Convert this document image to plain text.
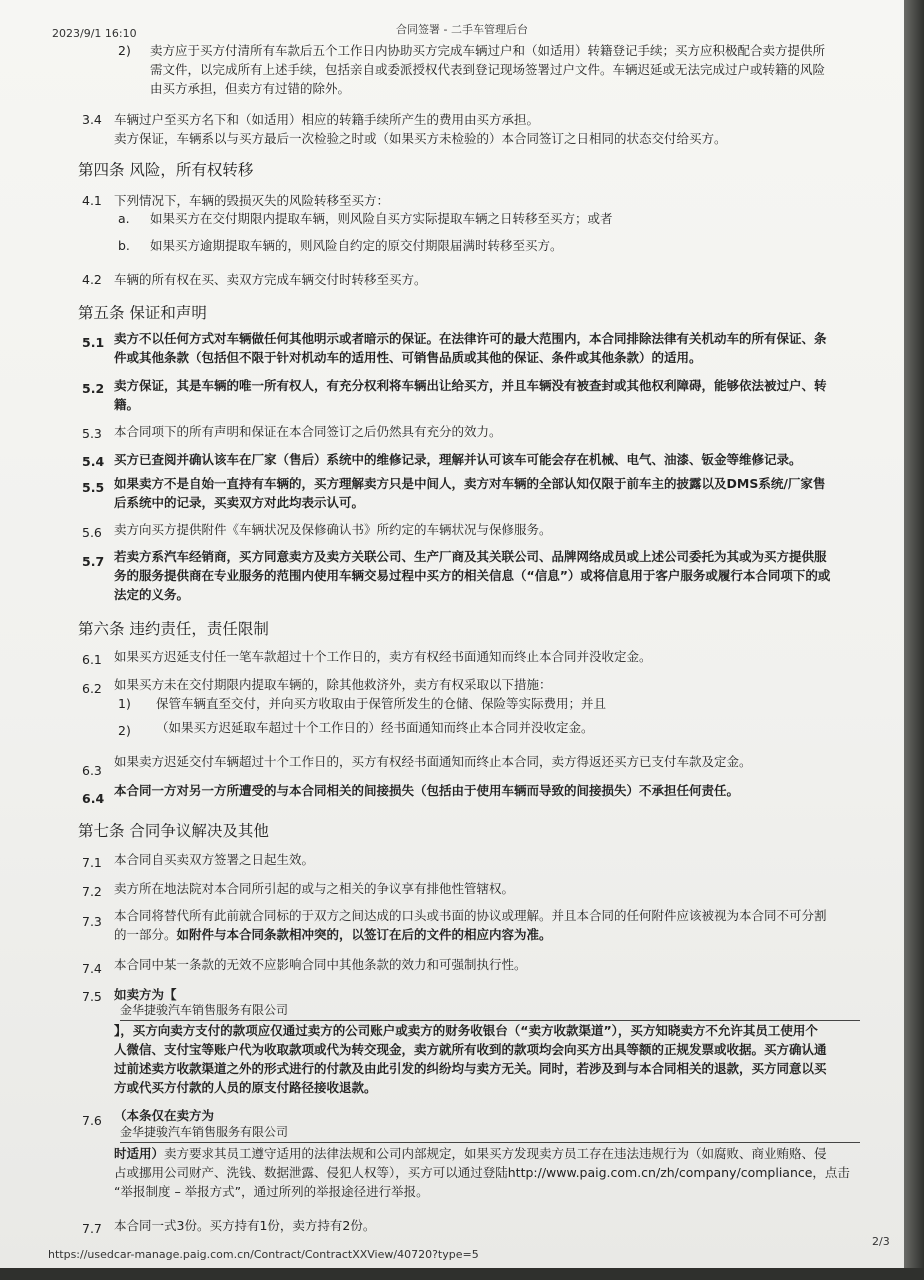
2023/9/1 16:10	合同签署 - 二手车管理后台
2) 卖方应于买方付清所有车款后五个工作日内协助买方完成车辆过户和（如适用）转籍登记手续；买方应积极配合卖方提供所
需文件，以完成所有上述手续，包括亲自或委派授权代表到登记现场签署过户文件。车辆迟延或无法完成过户或转籍的风险
由买方承担，但卖方有过错的除外。
3.4 车辆过户至买方名下和（如适用）相应的转籍手续所产生的费用由买方承担。
卖方保证，车辆系以与买方最后一次检验之时或（如果买方未检验的）本合同签订之日相同的状态交付给买方。
第四条 风险，所有权转移
4.1 下列情况下，车辆的毁损灭失的风险转移至买方：
a. 如果买方在交付期限内提取车辆，则风险自买方实际提取车辆之日转移至买方；或者
b. 如果买方逾期提取车辆的，则风险自约定的原交付期限届满时转移至买方。
4.2 车辆的所有权在买、卖双方完成车辆交付时转移至买方。
第五条 保证和声明
5.1 卖方不以任何方式对车辆做任何其他明示或者暗示的保证。在法律许可的最大范围内，本合同排除法律有关机动车的所有保证、条
件或其他条款（包括但不限于针对机动车的适用性、可销售品质或其他的保证、条件或其他条款）的适用。
5.2 卖方保证，其是车辆的唯一所有权人，有充分权利将车辆出让给买方，并且车辆没有被查封或其他权利障碍，能够依法被过户、转
籍。
5.3 本合同项下的所有声明和保证在本合同签订之后仍然具有充分的效力。
5.4 买方已查阅并确认该车在厂家（售后）系统中的维修记录，理解并认可该车可能会存在机械、电气、油漆、钣金等维修记录。
5.5 如果卖方不是自始一直持有车辆的，买方理解卖方只是中间人，卖方对车辆的全部认知仅限于前车主的披露以及DMS系统/厂家售
后系统中的记录，买卖双方对此均表示认可。
5.6 卖方向买方提供附件《车辆状况及保修确认书》所约定的车辆状况与保修服务。
5.7 若卖方系汽车经销商，买方同意卖方及卖方关联公司、生产厂商及其关联公司、品牌网络成员或上述公司委托为其或为买方提供服
务的服务提供商在专业服务的范围内使用车辆交易过程中买方的相关信息（“信息”）或将信息用于客户服务或履行本合同项下的或
法定的义务。
第六条 违约责任，责任限制
6.1 如果买方迟延支付任一笔车款超过十个工作日的，卖方有权经书面通知而终止本合同并没收定金。
6.2 如果买方未在交付期限内提取车辆的，除其他救济外，卖方有权采取以下措施：
1) 保管车辆直至交付，并向买方收取由于保管所发生的仓储、保险等实际费用；并且
2) （如果买方迟延取车超过十个工作日的）经书面通知而终止本合同并没收定金。
6.3
如果卖方迟延交付车辆超过十个工作日的，买方有权经书面通知而终止本合同，卖方得返还买方已支付车款及定金。
6.4
本合同一方对另一方所遭受的与本合同相关的间接损失（包括由于使用车辆而导致的间接损失）不承担任何责任。
第七条 合同争议解决及其他
7.1 本合同自买卖双方签署之日起生效。
7.2 卖方所在地法院对本合同所引起的或与之相关的争议享有排他性管辖权。
7.3 本合同将替代所有此前就合同标的于双方之间达成的口头或书面的协议或理解。并且本合同的任何附件应该被视为本合同不可分割
的一部分。如附件与本合同条款相冲突的，以签订在后的文件的相应内容为准。
7.4 本合同中某一条款的无效不应影响合同中其他条款的效力和可强制执行性。
7.5 如卖方为【
金华捷骏汽车销售服务有限公司
】，买方向卖方支付的款项应仅通过卖方的公司账户或卖方的财务收银台（“卖方收款渠道”），买方知晓卖方不允许其员工使用个
人微信、支付宝等账户代为收取款项或代为转交现金，卖方就所有收到的款项均会向买方出具等额的正规发票或收据。买方确认通
过前述卖方收款渠道之外的形式进行的付款及由此引发的纠纷均与卖方无关。同时，若涉及到与本合同相关的退款，买方同意以买
方或代买方付款的人员的原支付路径接收退款。
7.6 （本条仅在卖方为
金华捷骏汽车销售服务有限公司
时适用）卖方要求其员工遵守适用的法律法规和公司内部规定，如果买方发现卖方员工存在违法违规行为（如腐败、商业贿赂、侵
占或挪用公司财产、洗钱、数据泄露、侵犯人权等），买方可以通过登陆http://www.paig.com.cn/zh/company/compliance，点击
“举报制度 – 举报方式”，通过所列的举报途径进行举报。
7.7 本合同一式3份。买方持有1份，卖方持有2份。
https://usedcar-manage.paig.com.cn/Contract/ContractXXView/40720?type=5
2/3
